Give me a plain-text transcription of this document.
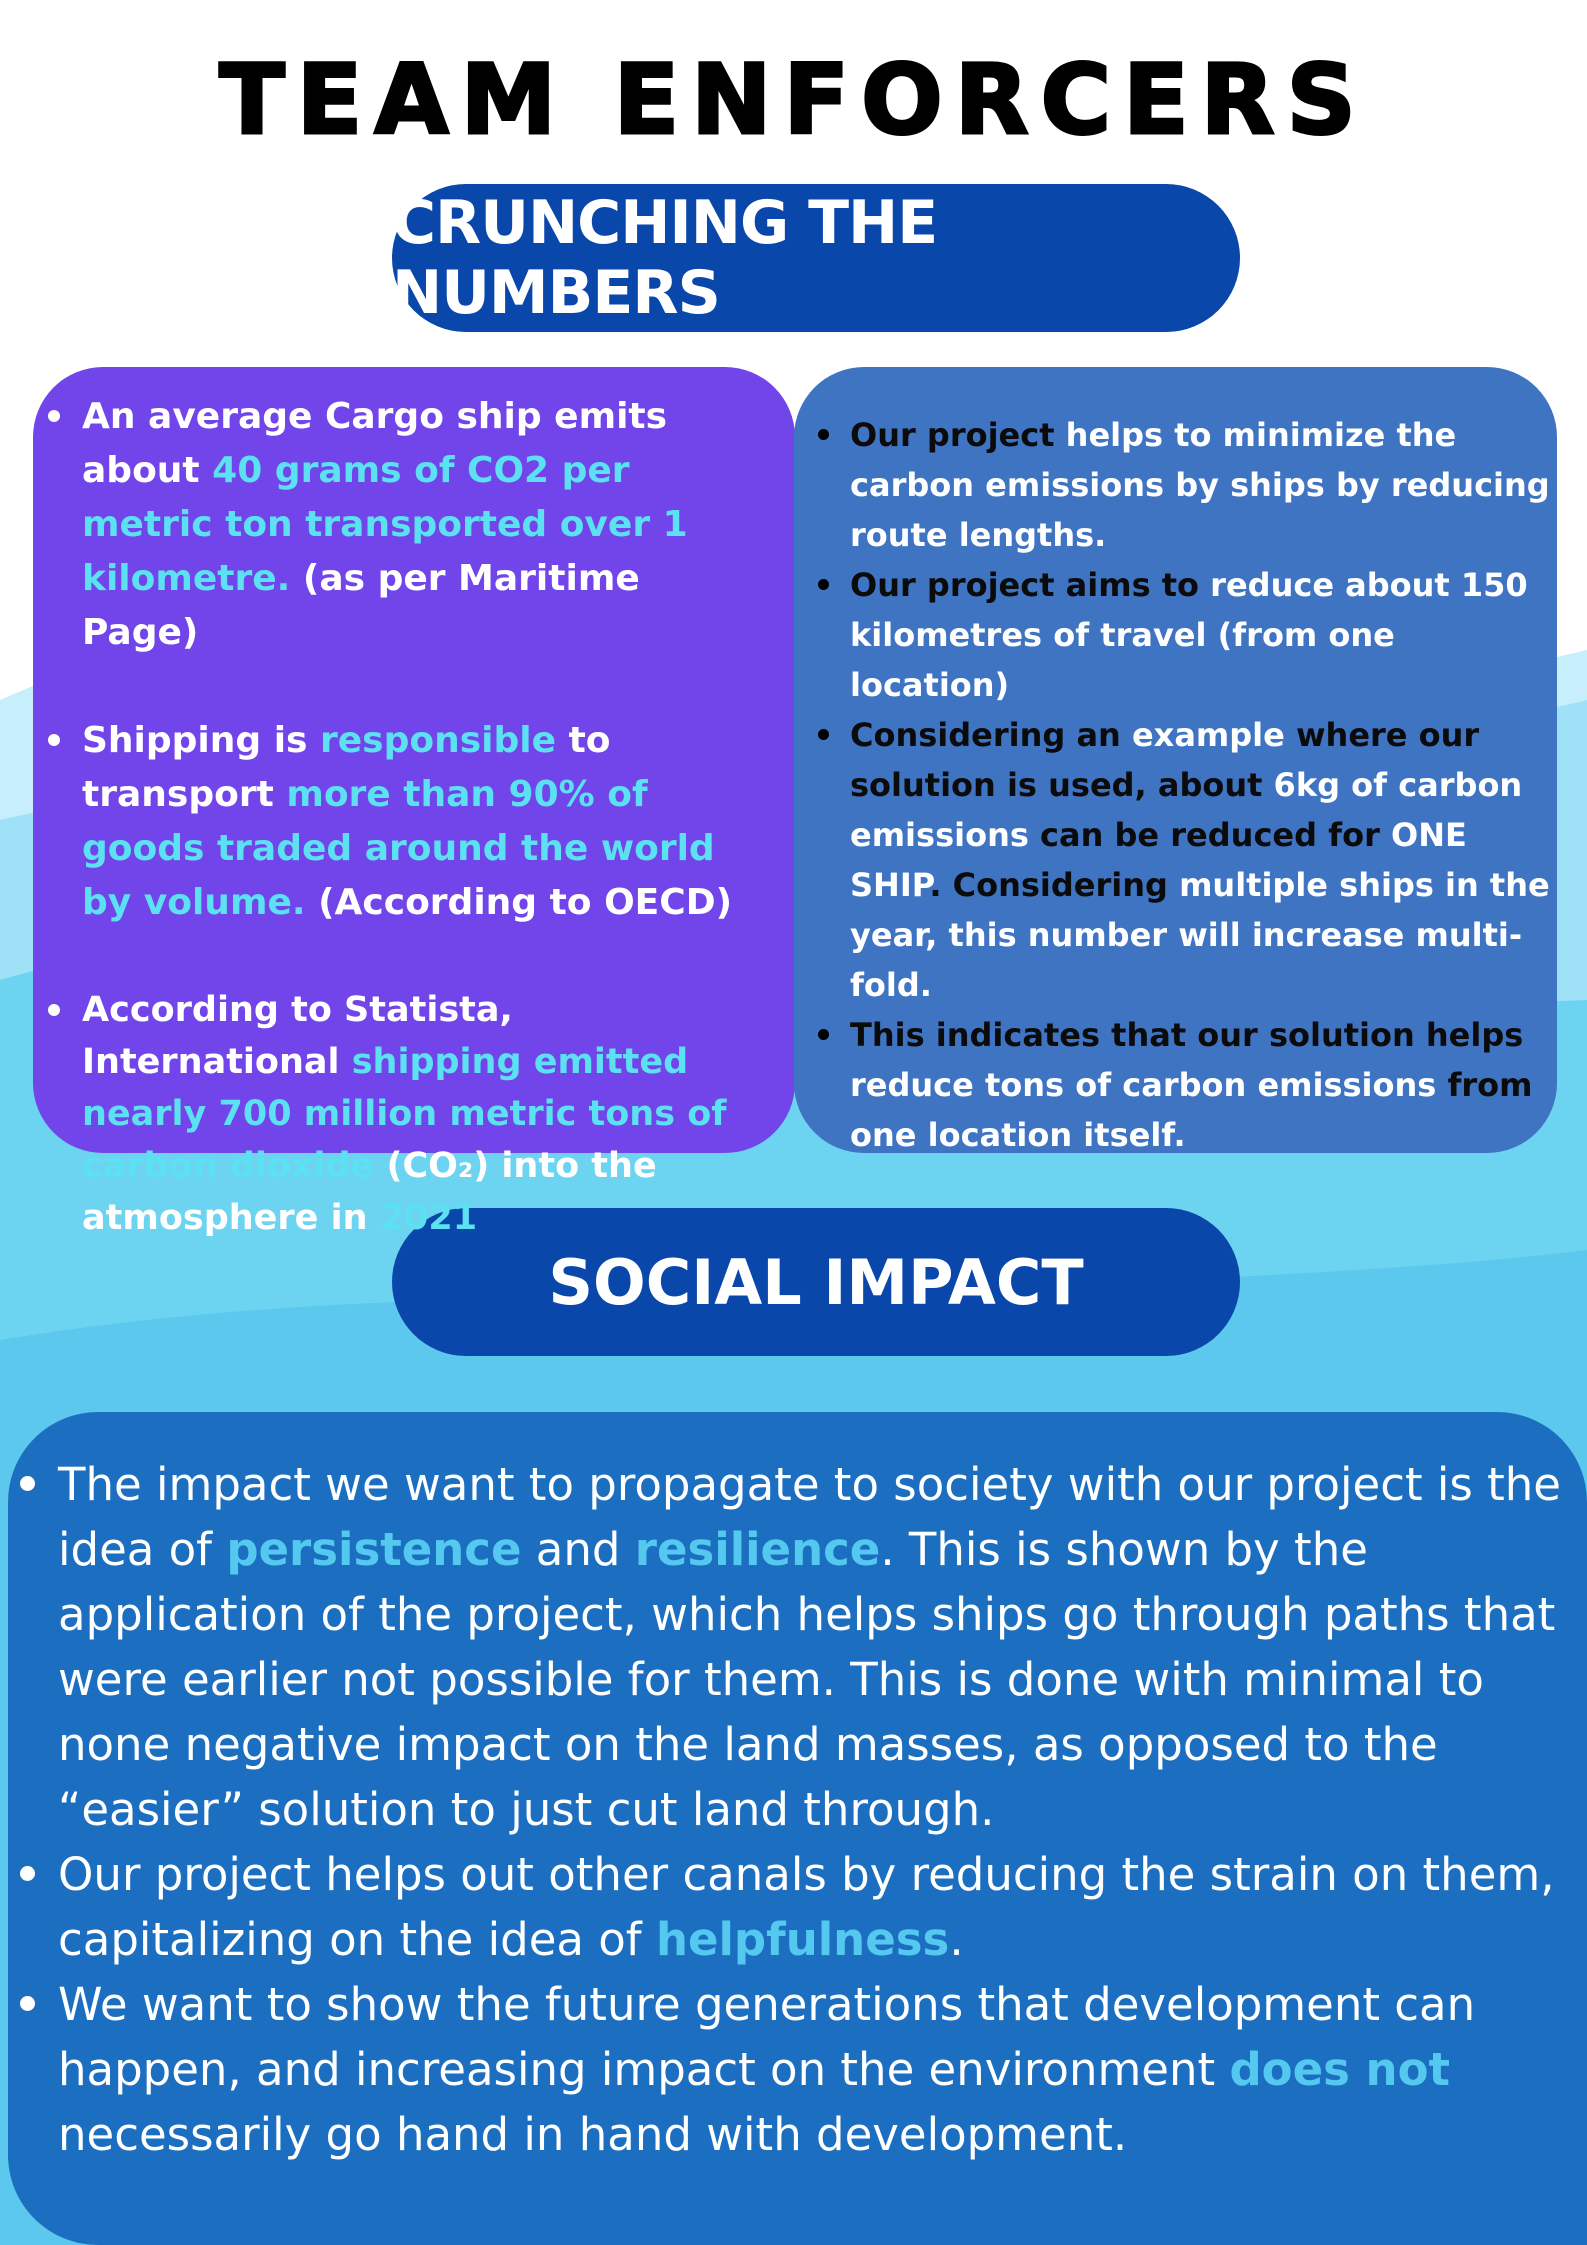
TEAM ENFORCERS
CRUNCHING THE NUMBERS
An average Cargo ship emits about 40 grams of CO2 per metric ton transported over 1 kilometre. (as per Maritime Page)
Shipping is responsible to transport more than 90% of goods traded around the world by volume. (According to OECD)
According to Statista, International shipping emitted nearly 700 million metric tons of carbon dioxide (CO₂) into the atmosphere in 2021
Our project helps to minimize the carbon emissions by ships by reducing route lengths.
Our project aims to reduce about 150 kilometres of travel (from one location)
Considering an example where our solution is used, about 6kg of carbon emissions can be reduced for ONE SHIP. Considering multiple ships in the year, this number will increase multi-fold.
This indicates that our solution helps reduce tons of carbon emissions from one location itself.
SOCIAL IMPACT
The impact we want to propagate to society with our project is the idea of persistence and resilience. This is shown by the application of the project, which helps ships go through paths that were earlier not possible for them. This is done with minimal to none negative impact on the land masses, as opposed to the “easier” solution to just cut land through.
Our project helps out other canals by reducing the strain on them, capitalizing on the idea of helpfulness.
We want to show the future generations that development can happen, and increasing impact on the environment does not necessarily go hand in hand with development.
